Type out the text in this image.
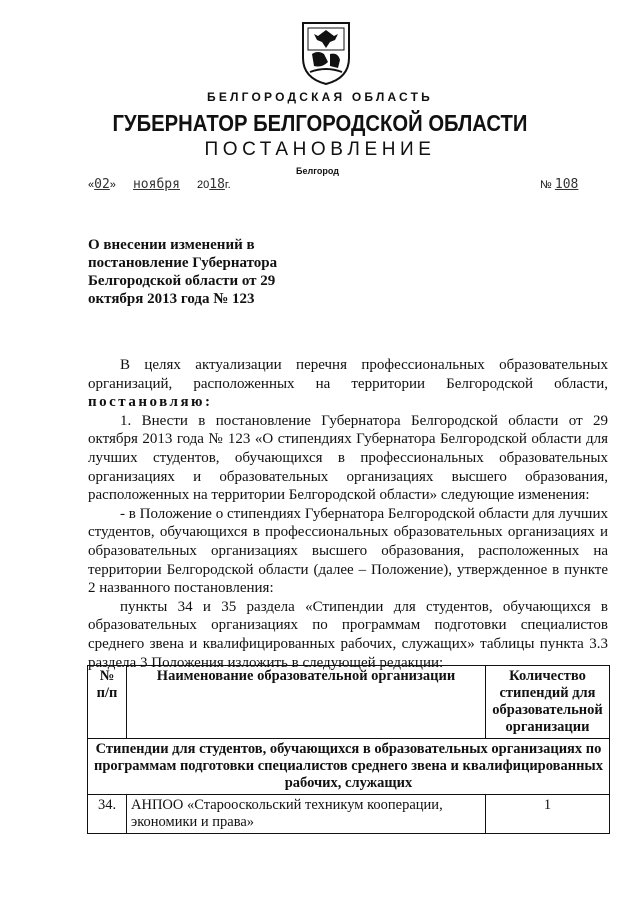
БЕЛГОРОДСКАЯ ОБЛАСТЬ
ГУБЕРНАТОР БЕЛГОРОДСКОЙ ОБЛАСТИ
ПОСТАНОВЛЕНИЕ
Белгород
«02» ноября 2018г.	№ 108
О внесении изменений в постановление Губернатора Белгородской области от 29 октября 2013 года № 123

В целях актуализации перечня профессиональных образовательных организаций, расположенных на территории Белгородской области, постановляю:

1. Внести в постановление Губернатора Белгородской области от 29 октября 2013 года № 123 «О стипендиях Губернатора Белгородской области для лучших студентов, обучающихся в профессиональных образовательных организациях и образовательных организациях высшего образования, расположенных на территории Белгородской области» следующие изменения:

- в Положение о стипендиях Губернатора Белгородской области для лучших студентов, обучающихся в профессиональных образовательных организациях и образовательных организациях высшего образования, расположенных на территории Белгородской области (далее – Положение), утвержденное в пункте 2 названного постановления:

пункты 34 и 35 раздела «Стипендии для студентов, обучающихся в образовательных организациях по программам подготовки специалистов среднего звена и квалифицированных рабочих, служащих» таблицы пункта 3.3 раздела 3 Положения изложить в следующей редакции:

№ п/п	Наименование образовательной организации	Количество стипендий для образовательной организации
Стипендии для студентов, обучающихся в образовательных организациях по программам подготовки специалистов среднего звена и квалифицированных рабочих, служащих		
34.	АНПОО «Старооскольский техникум кооперации, экономики и права»	1
